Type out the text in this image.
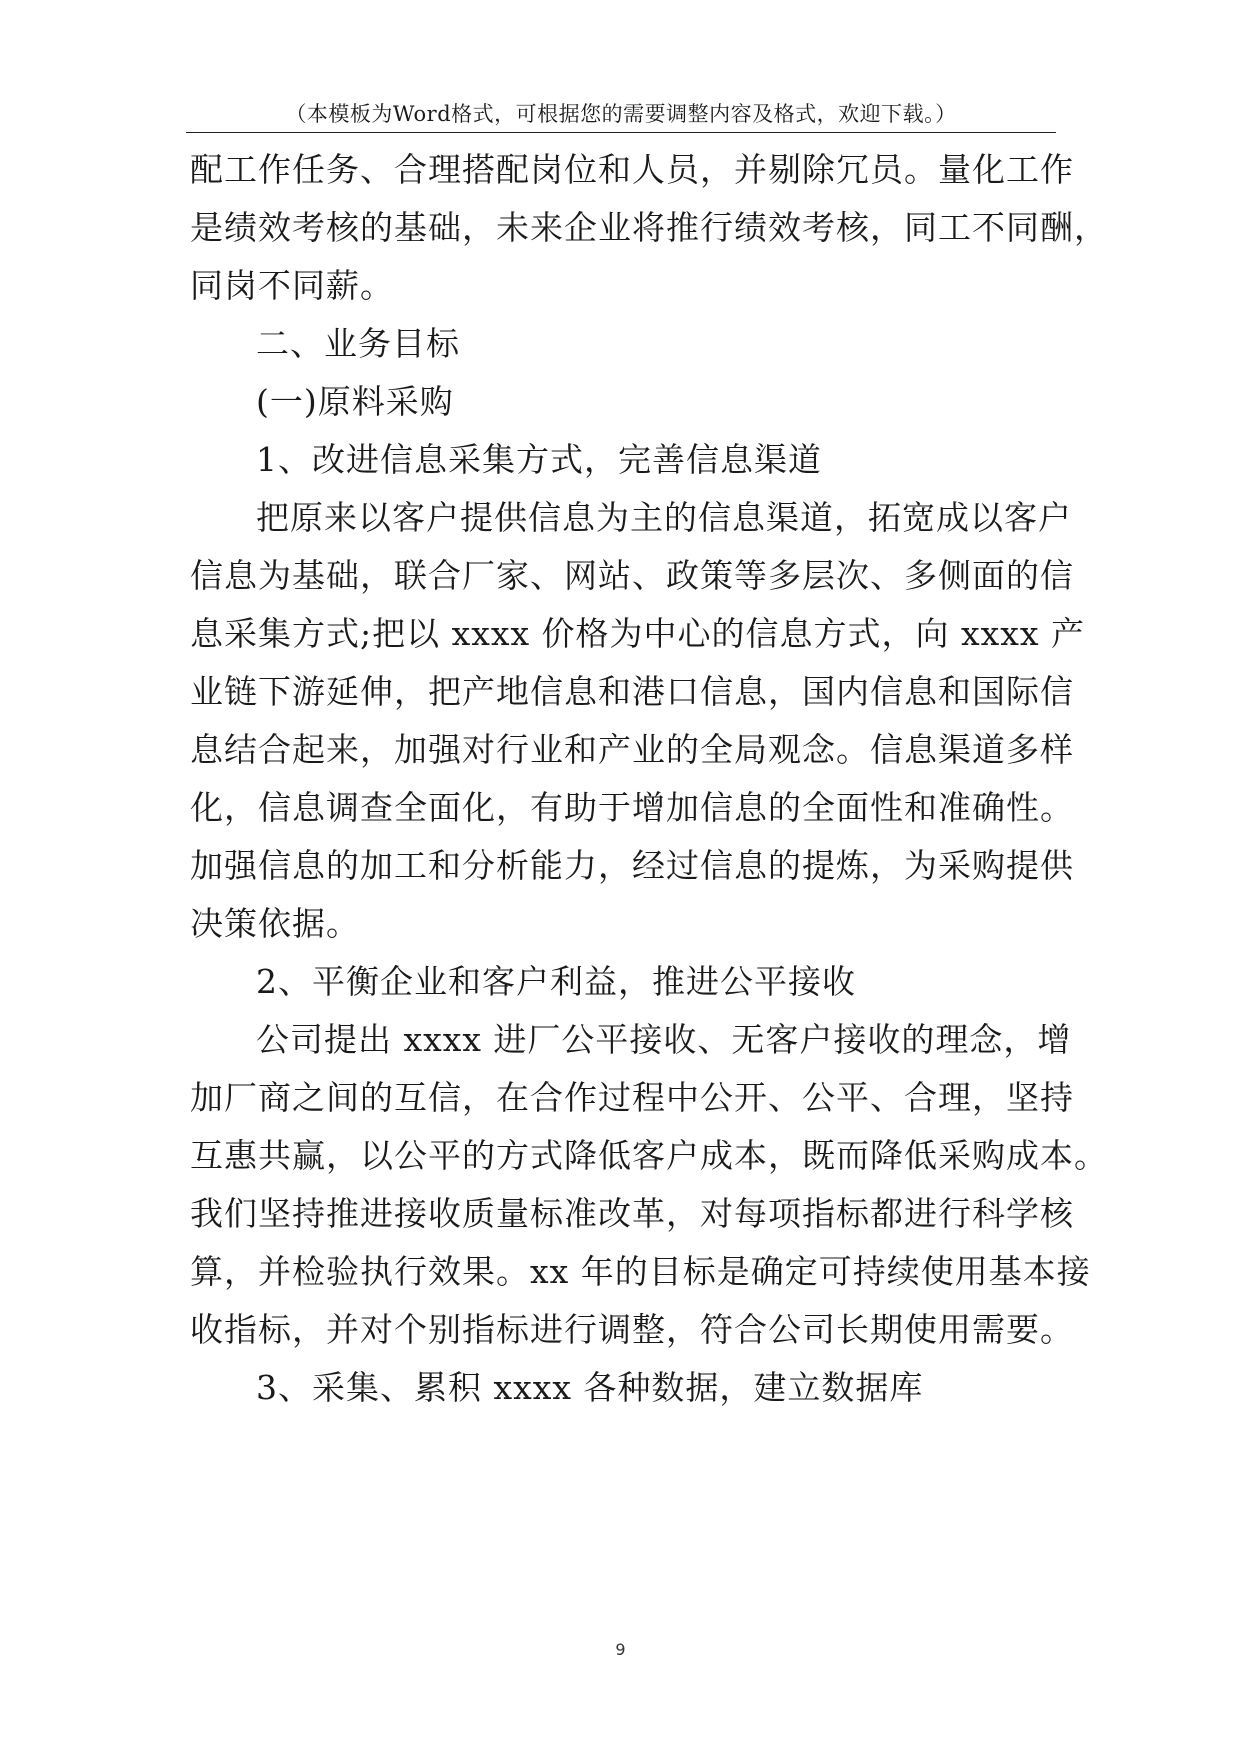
（本模板为Word格式，可根据您的需要调整内容及格式，欢迎下载。）
配工作任务、合理搭配岗位和人员，并剔除冗员。量化工作
是绩效考核的基础，未来企业将推行绩效考核，同工不同酬，
同岗不同薪。
二、业务目标
(一)原料采购
1、改进信息采集方式，完善信息渠道
把原来以客户提供信息为主的信息渠道，拓宽成以客户
信息为基础，联合厂家、网站、政策等多层次、多侧面的信
息采集方式;把以 xxxx 价格为中心的信息方式，向 xxxx 产
业链下游延伸，把产地信息和港口信息，国内信息和国际信
息结合起来，加强对行业和产业的全局观念。信息渠道多样
化，信息调查全面化，有助于增加信息的全面性和准确性。
加强信息的加工和分析能力，经过信息的提炼，为采购提供
决策依据。
2、平衡企业和客户利益，推进公平接收
公司提出 xxxx 进厂公平接收、无客户接收的理念，增
加厂商之间的互信，在合作过程中公开、公平、合理，坚持
互惠共赢，以公平的方式降低客户成本，既而降低采购成本。
我们坚持推进接收质量标准改革，对每项指标都进行科学核
算，并检验执行效果。xx 年的目标是确定可持续使用基本接
收指标，并对个别指标进行调整，符合公司长期使用需要。
3、采集、累积 xxxx 各种数据，建立数据库
9
